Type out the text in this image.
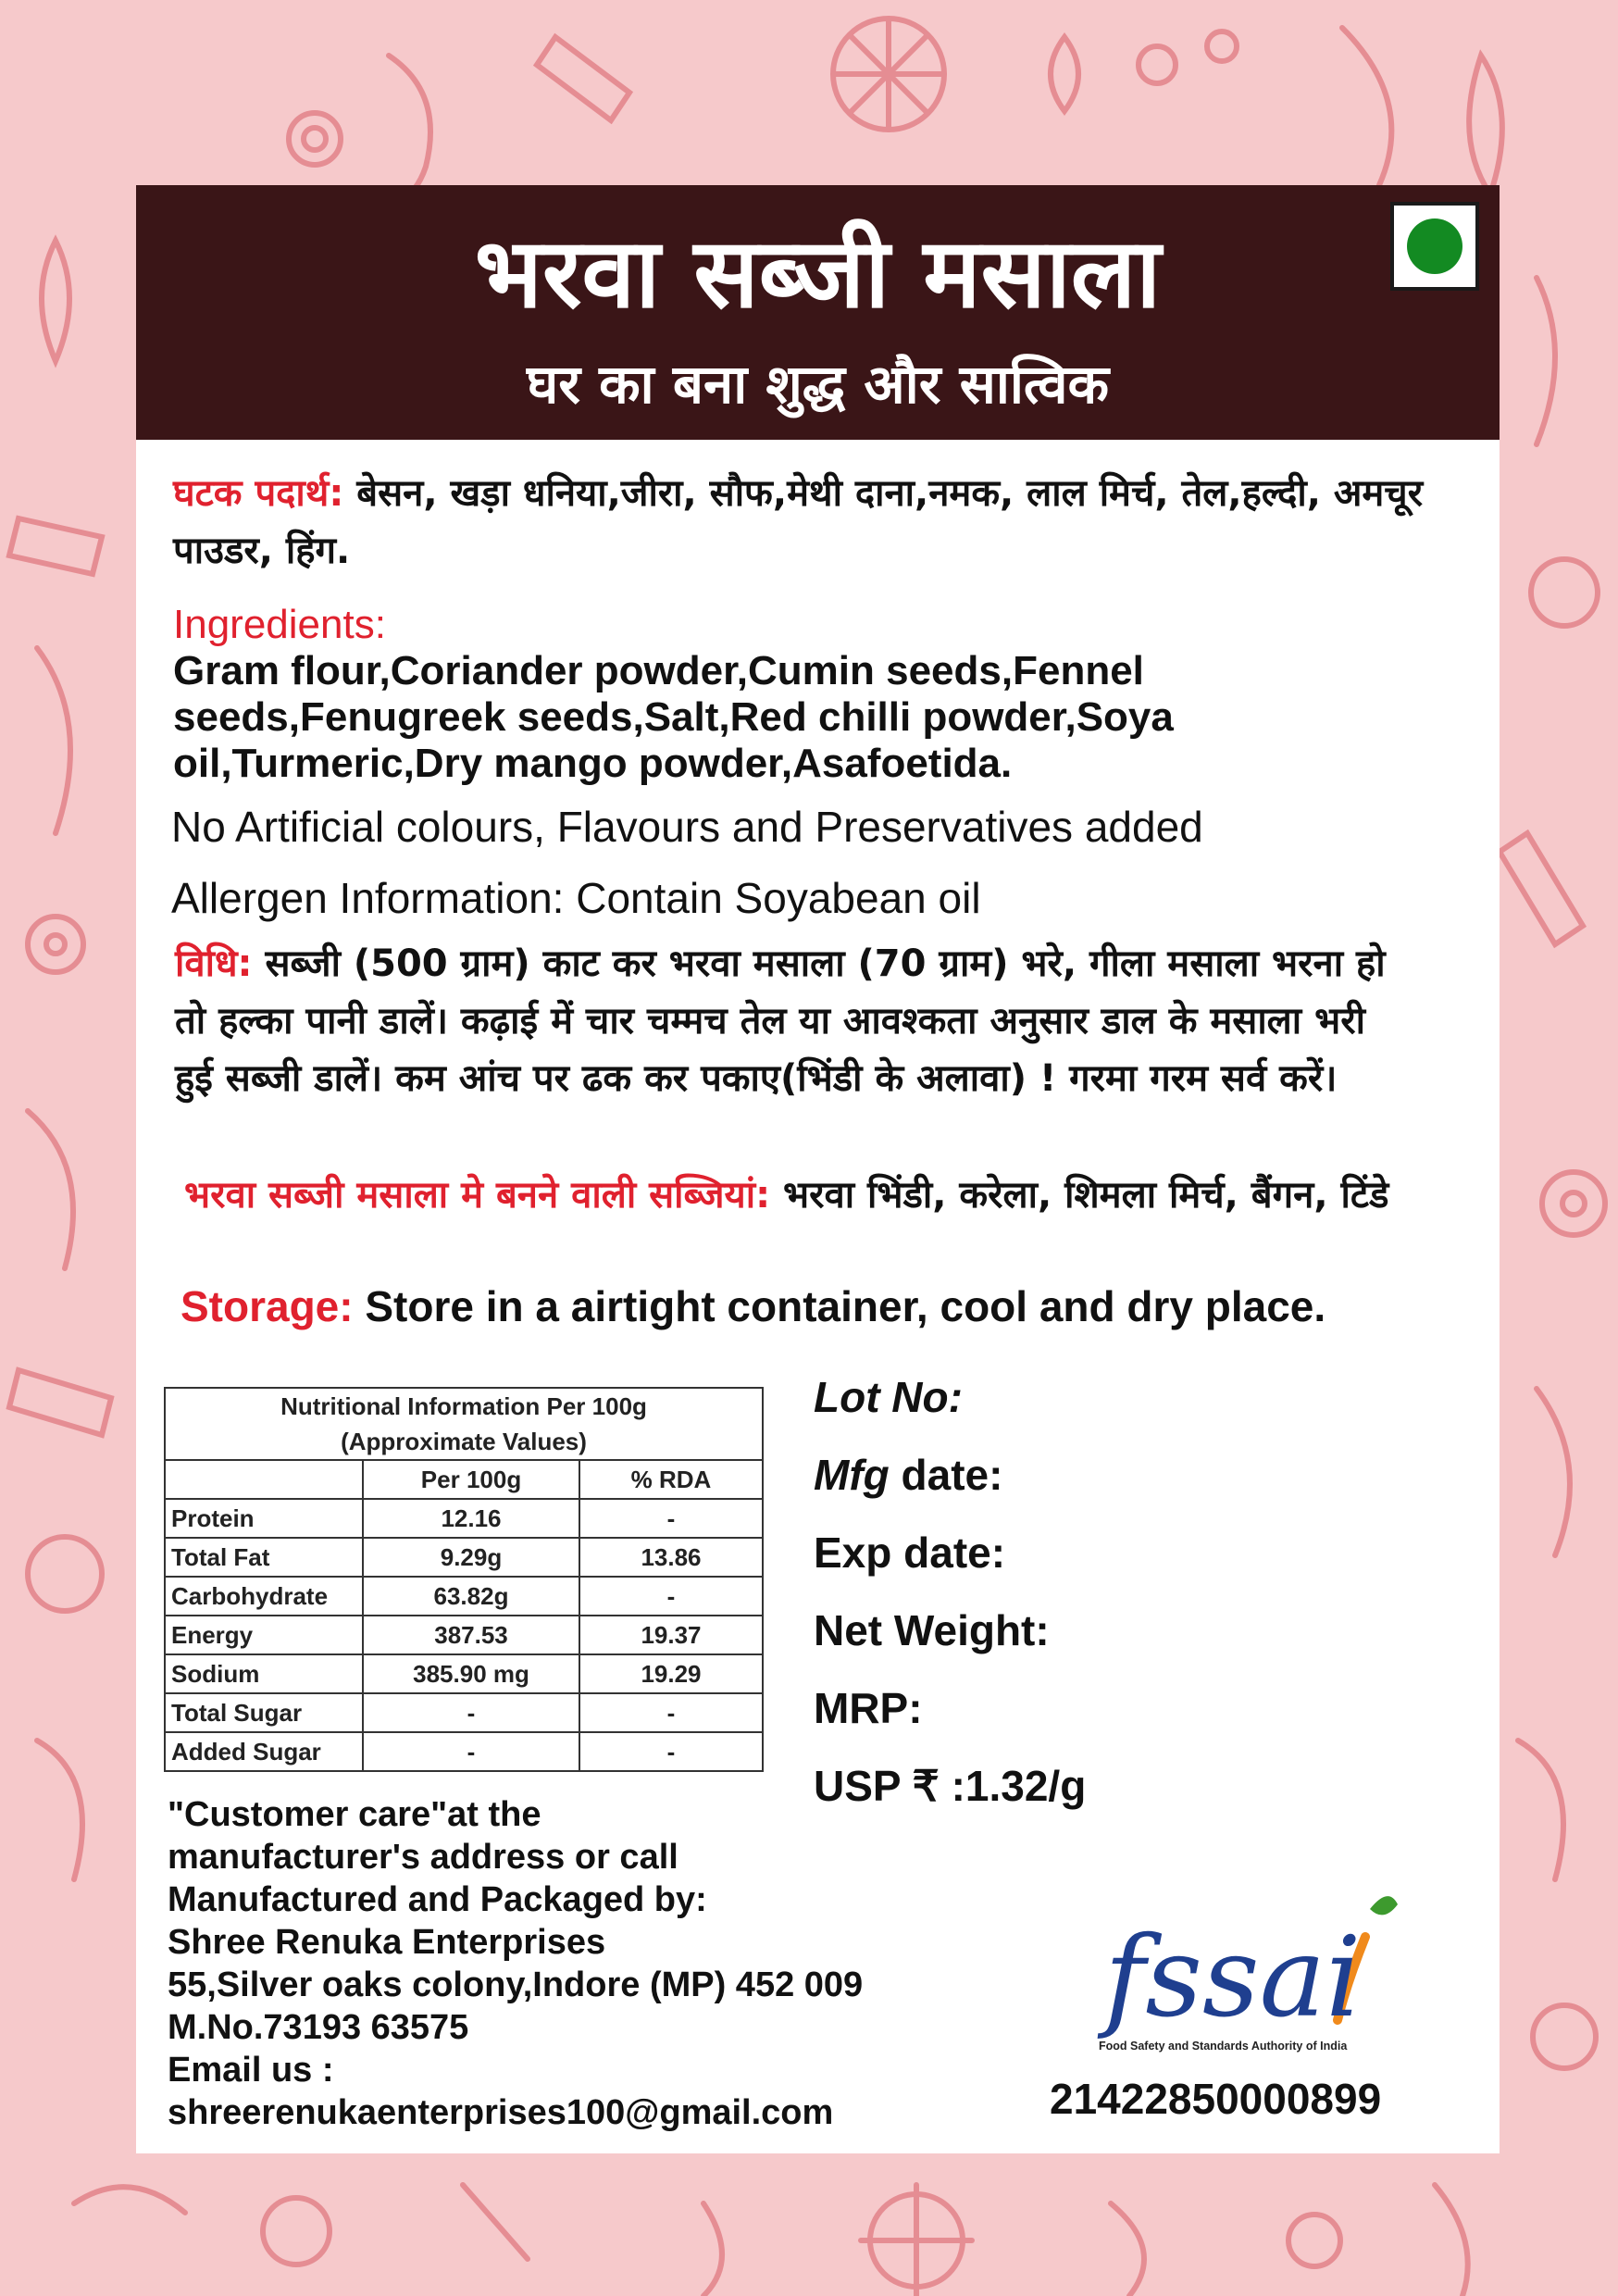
भरवा सब्जी मसाला
घर का बना शुद्ध और सात्विक
घटक पदार्थ: बेसन, खड़ा धनिया,जीरा, सौफ,मेथी दाना,नमक, लाल मिर्च, तेल,हल्दी, अमचूर पाउडर, हिंग.
Ingredients:
Gram flour,Coriander powder,Cumin seeds,Fennel seeds,Fenugreek seeds,Salt,Red chilli powder,Soya oil,Turmeric,Dry mango powder,Asafoetida.
No Artificial colours, Flavours and Preservatives added
Allergen Information: Contain Soyabean oil
विधि: सब्जी (500 ग्राम) काट कर भरवा मसाला (70 ग्राम) भरे, गीला मसाला भरना हो तो हल्का पानी डालें। कढ़ाई में चार चम्मच तेल या आवश्कता अनुसार डाल के मसाला भरी हुई सब्जी डालें। कम आंच पर ढक कर पकाए(भिंडी के अलावा) ! गरमा गरम सर्व करें।
भरवा सब्जी मसाला मे बनने वाली सब्जियां: भरवा भिंडी, करेला, शिमला मिर्च, बैंगन, टिंडे
Storage: Store in a airtight container, cool and dry place.
Nutritional Information Per 100g
(Approximate Values)		
	Per 100g	% RDA
Protein	12.16	-
Total Fat	9.29g	13.86
Carbohydrate	63.82g	-
Energy	387.53	19.37
Sodium	385.90 mg	19.29
Total Sugar	-	-
Added Sugar	-	-
Lot No:
Mfg date:
Exp date:
Net Weight:
MRP:
USP ₹ :1.32/g
"Customer care"at the
manufacturer's address or call
Manufactured and Packaged by:
Shree Renuka Enterprises
55,Silver oaks colony,Indore (MP) 452 009
M.No.73193 63575
Email us :
shreerenukaenterprises100@gmail.com
fssai
Food Safety and Standards Authority of India
21422850000899
